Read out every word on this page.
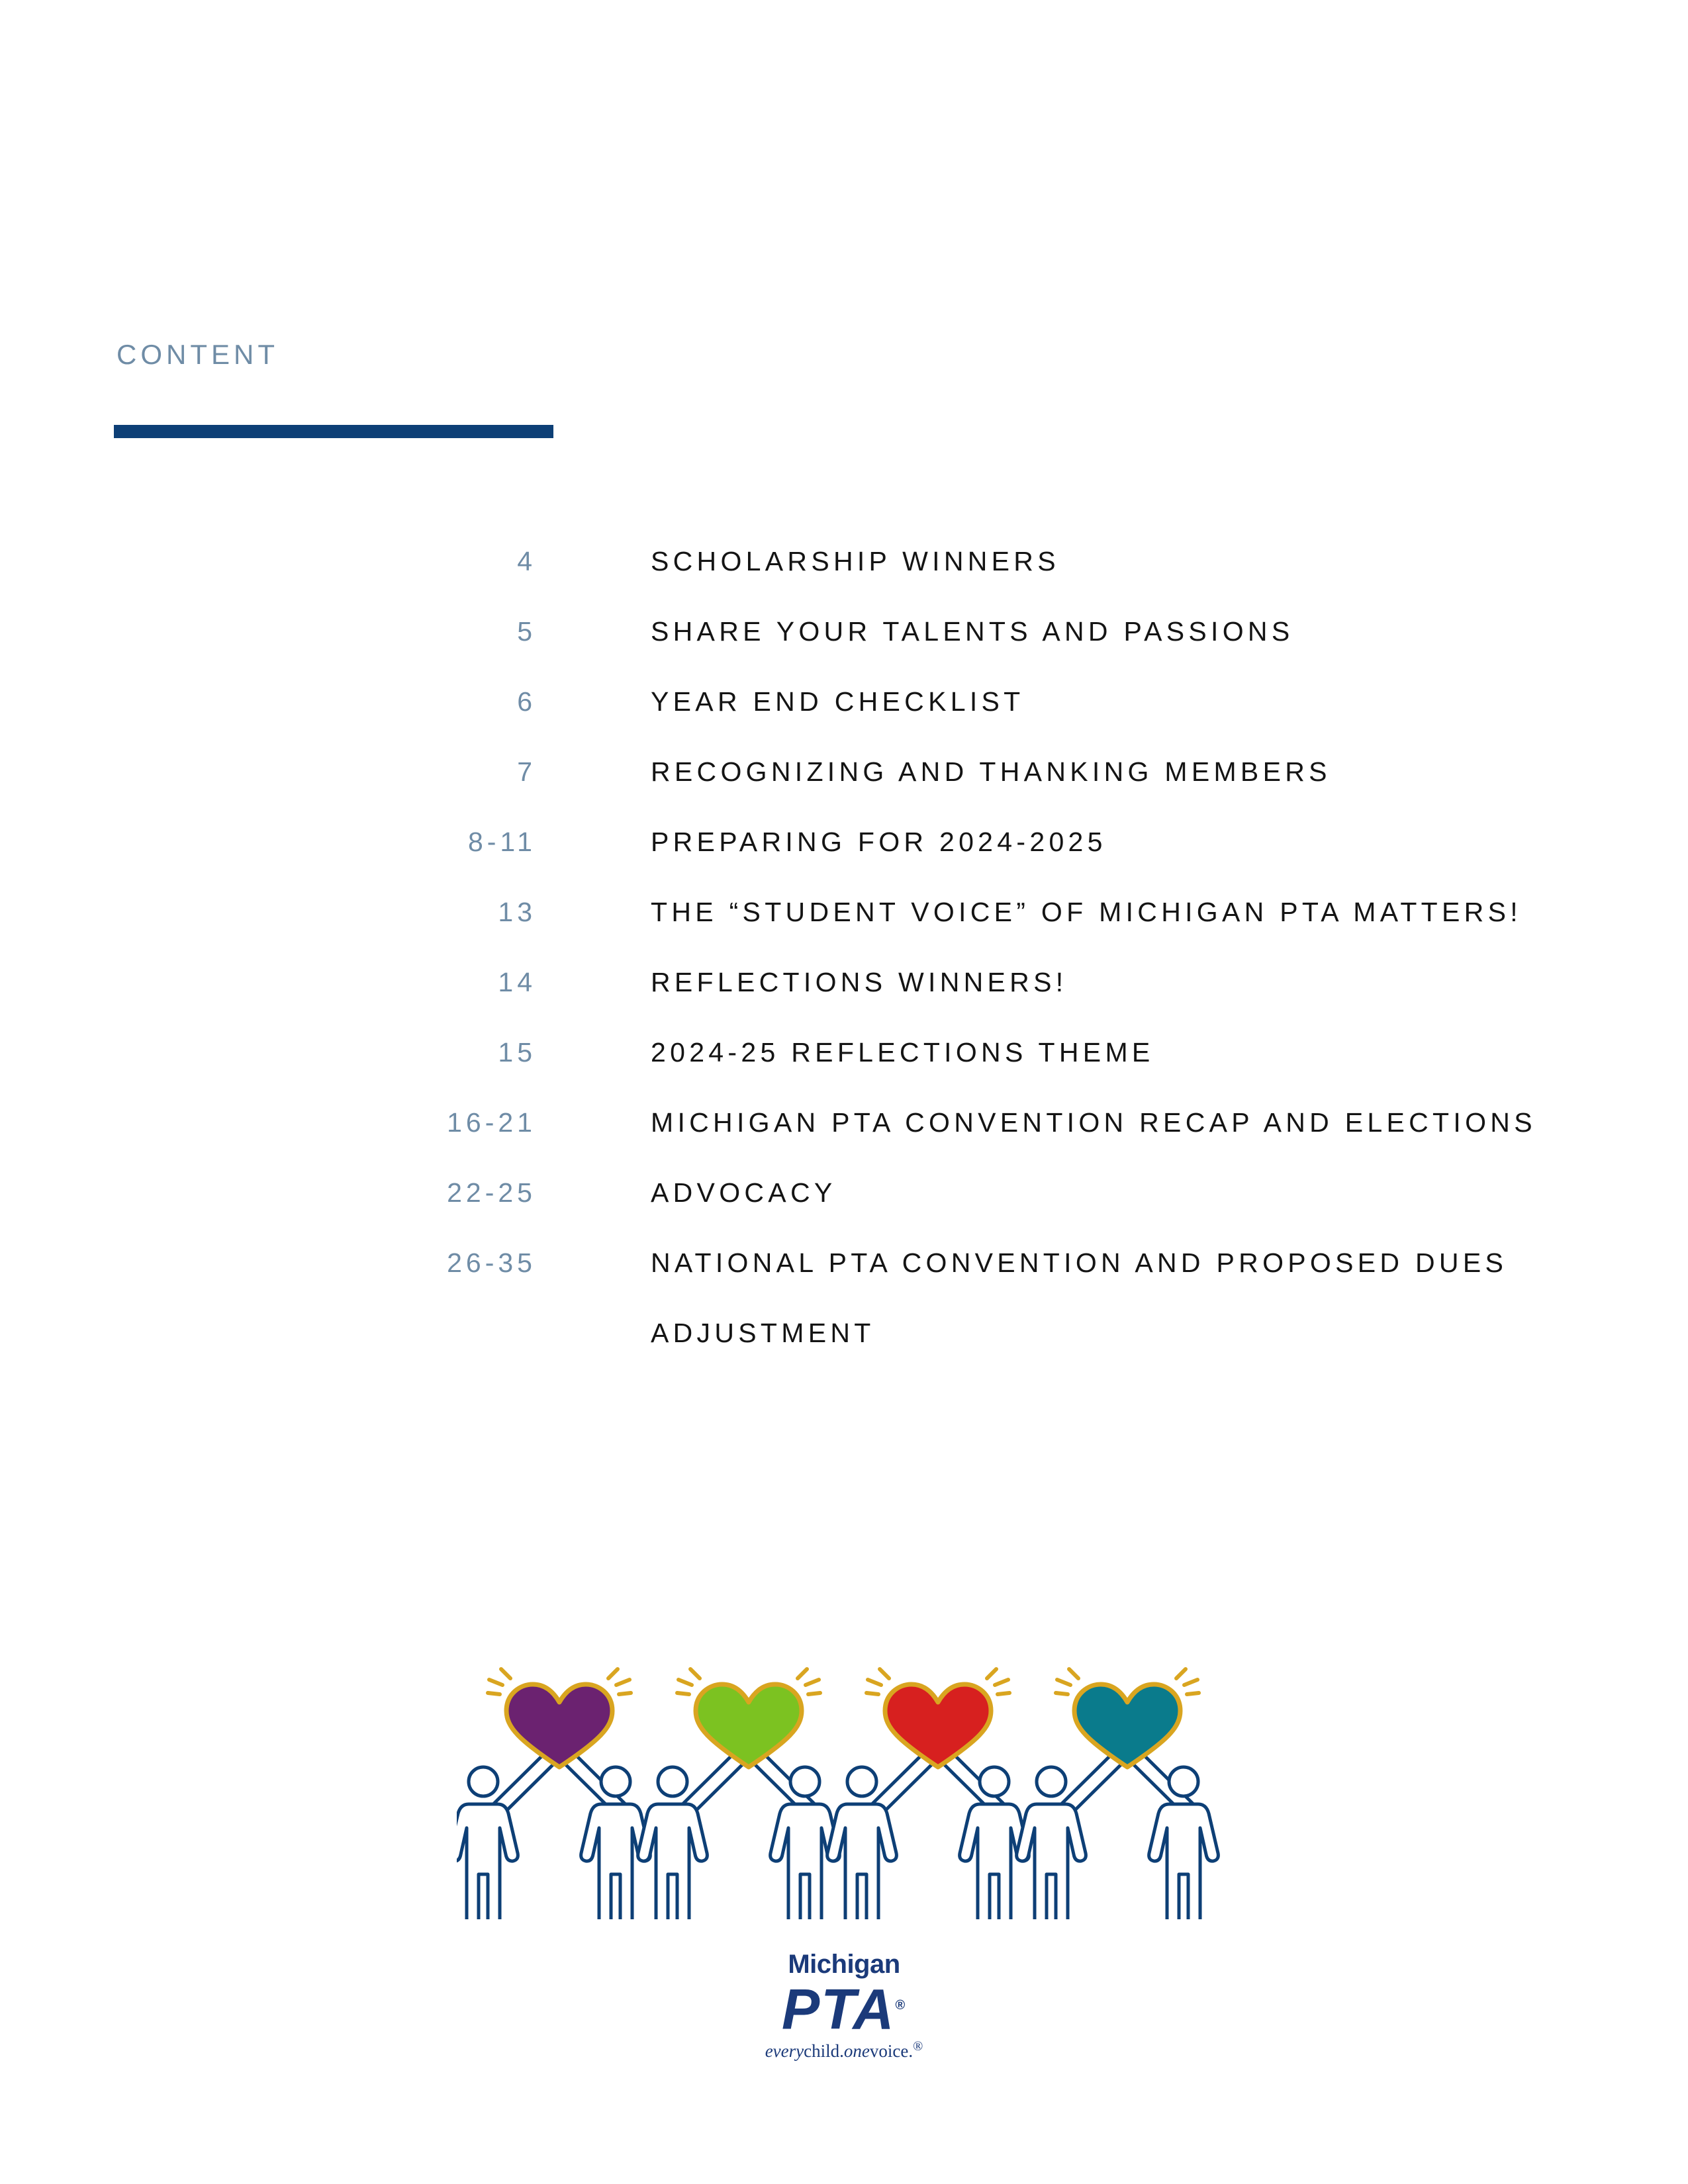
CONTENT
4	SCHOLARSHIP WINNERS
5	SHARE YOUR TALENTS AND PASSIONS
6	YEAR END CHECKLIST
7	RECOGNIZING AND THANKING MEMBERS
8-11	PREPARING FOR 2024-2025
13	THE “STUDENT VOICE” OF MICHIGAN PTA MATTERS!
14	REFLECTIONS WINNERS!
15	2024-25 REFLECTIONS THEME
16-21	MICHIGAN PTA CONVENTION RECAP AND ELECTIONS
22-25	ADVOCACY
26-35	NATIONAL PTA CONVENTION AND PROPOSED DUES
ADJUSTMENT
Michigan
PTA®
everychild.onevoice.®
